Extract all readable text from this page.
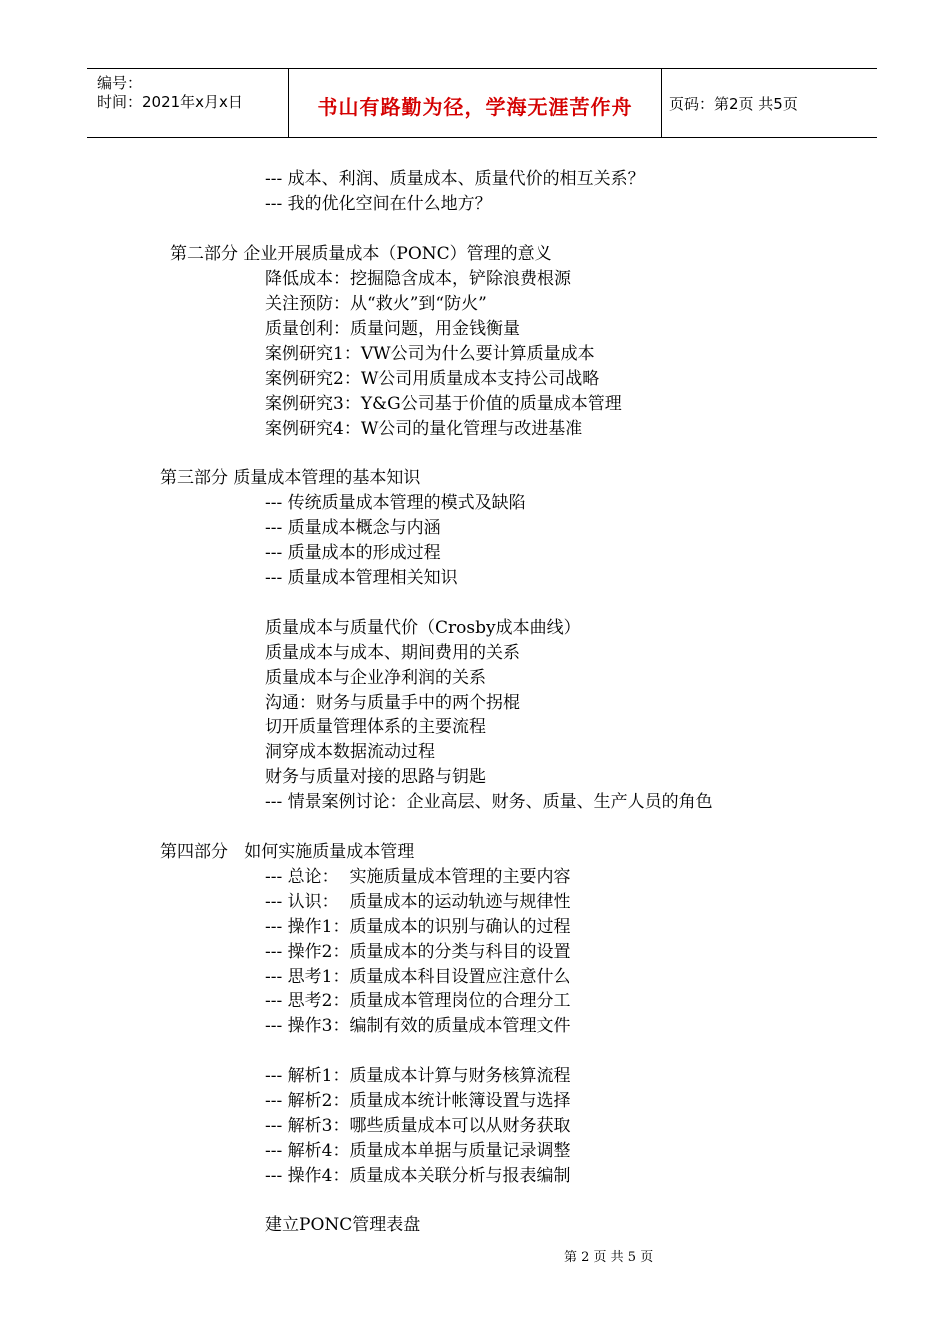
编号：
时间：2021年x月x日	书山有路勤为径，学海无涯苦作舟	页码：第2页 共5页
--- 成本、利润、质量成本、质量代价的相互关系？
--- 我的优化空间在什么地方？
第二部分 企业开展质量成本（PONC）管理的意义
降低成本：挖掘隐含成本，铲除浪费根源
关注预防：从“救火”到“防火”
质量创利：质量问题，用金钱衡量
案例研究1：VW公司为什么要计算质量成本
案例研究2：W公司用质量成本支持公司战略
案例研究3：Y&G公司基于价值的质量成本管理
案例研究4：W公司的量化管理与改进基准
第三部分 质量成本管理的基本知识
--- 传统质量成本管理的模式及缺陷
--- 质量成本概念与内涵
--- 质量成本的形成过程
--- 质量成本管理相关知识
质量成本与质量代价（Crosby成本曲线）
质量成本与成本、期间费用的关系
质量成本与企业净利润的关系
沟通：财务与质量手中的两个拐棍
切开质量管理体系的主要流程
洞穿成本数据流动过程
财务与质量对接的思路与钥匙
--- 情景案例讨论：企业高层、财务、质量、生产人员的角色
第四部分   如何实施质量成本管理
--- 总论：  实施质量成本管理的主要内容
--- 认识：  质量成本的运动轨迹与规律性
--- 操作1：质量成本的识别与确认的过程
--- 操作2：质量成本的分类与科目的设置
--- 思考1：质量成本科目设置应注意什么
--- 思考2：质量成本管理岗位的合理分工
--- 操作3：编制有效的质量成本管理文件
--- 解析1：质量成本计算与财务核算流程
--- 解析2：质量成本统计帐簿设置与选择
--- 解析3：哪些质量成本可以从财务获取
--- 解析4：质量成本单据与质量记录调整
--- 操作4：质量成本关联分析与报表编制
建立PONC管理表盘
第 2 页 共 5 页
